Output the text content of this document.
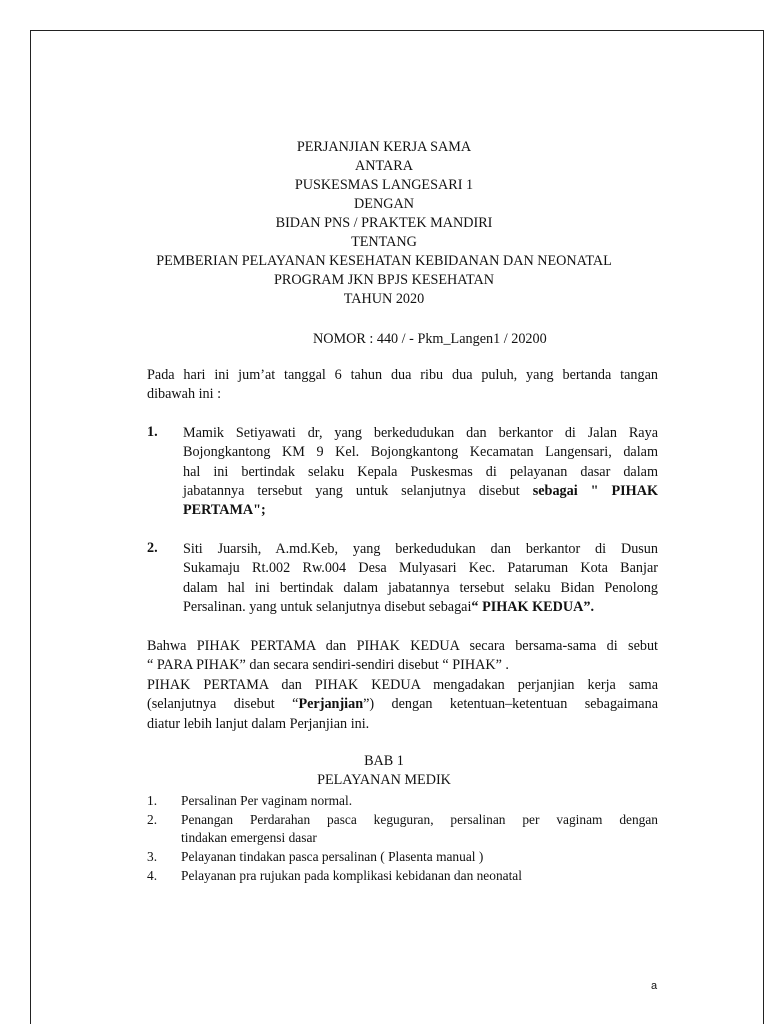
PERJANJIAN KERJA SAMA
ANTARA
PUSKESMAS LANGESARI 1
DENGAN
BIDAN PNS / PRAKTEK MANDIRI
TENTANG
PEMBERIAN PELAYANAN KESEHATAN KEBIDANAN DAN NEONATAL
PROGRAM JKN BPJS KESEHATAN
TAHUN 2020
NOMOR : 440 / - Pkm_Langen1 / 20200
Pada hari ini jum’at tanggal 6 tahun dua ribu dua puluh, yang bertanda tangan
dibawah ini :
1. Mamik Setiyawati dr, yang berkedudukan dan berkantor di Jalan Raya
Bojongkantong KM 9 Kel. Bojongkantong Kecamatan Langensari, dalam
hal ini bertindak selaku Kepala Puskesmas di pelayanan dasar dalam
jabatannya tersebut yang untuk selanjutnya disebut sebagai " PIHAK
PERTAMA";
2. Siti Juarsih, A.md.Keb, yang berkedudukan dan berkantor di Dusun
Sukamaju Rt.002 Rw.004 Desa Mulyasari Kec. Pataruman Kota Banjar
dalam hal ini bertindak dalam jabatannya tersebut selaku Bidan Penolong
Persalinan. yang untuk selanjutnya disebut sebagai“ PIHAK KEDUA”.
Bahwa PIHAK PERTAMA dan PIHAK KEDUA secara bersama-sama di sebut
“ PARA PIHAK” dan secara sendiri-sendiri disebut “ PIHAK” .
PIHAK PERTAMA dan PIHAK KEDUA mengadakan perjanjian kerja sama
(selanjutnya disebut “Perjanjian”) dengan ketentuan–ketentuan sebagaimana
diatur lebih lanjut dalam Perjanjian ini.
BAB 1
PELAYANAN MEDIK
1. Persalinan Per vaginam normal.
2. Penangan Perdarahan pasca keguguran, persalinan per vaginam dengan
tindakan emergensi dasar
3. Pelayanan tindakan pasca persalinan ( Plasenta manual )
4. Pelayanan pra rujukan pada komplikasi kebidanan dan neonatal
a
